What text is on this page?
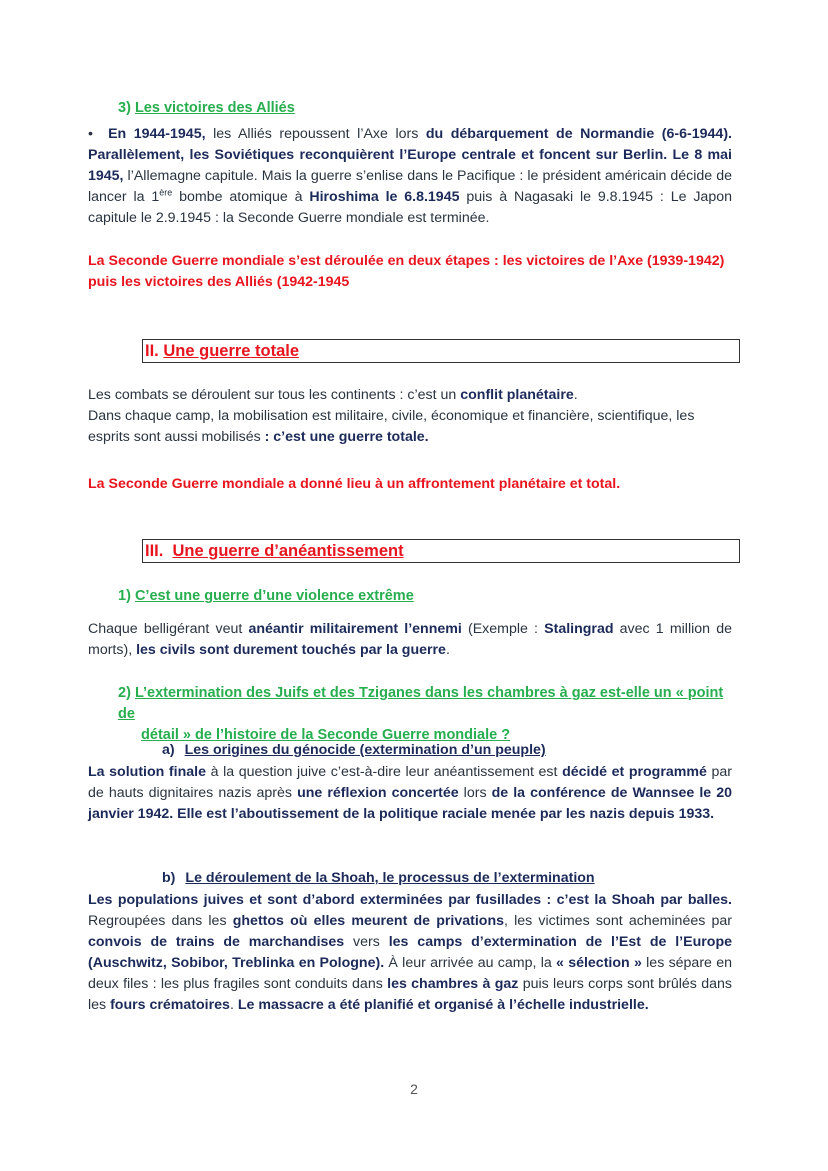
3) Les victoires des Alliés
• En 1944-1945, les Alliés repoussent l’Axe lors du débarquement de Normandie (6-6-1944). Parallèlement, les Soviétiques reconquièrent l’Europe centrale et foncent sur Berlin. Le 8 mai 1945, l’Allemagne capitule. Mais la guerre s’enlise dans le Pacifique : le président américain décide de lancer la 1ère bombe atomique à Hiroshima le 6.8.1945 puis à Nagasaki le 9.8.1945 : Le Japon capitule le 2.9.1945 : la Seconde Guerre mondiale est terminée.
La Seconde Guerre mondiale s’est déroulée en deux étapes : les victoires de l’Axe (1939-1942) puis les victoires des Alliés (1942-1945
II. Une guerre totale
Les combats se déroulent sur tous les continents : c’est un conflit planétaire.
Dans chaque camp, la mobilisation est militaire, civile, économique et financière, scientifique, les esprits sont aussi mobilisés : c’est une guerre totale.
La Seconde Guerre mondiale a donné lieu à un affrontement planétaire et total.
III. Une guerre d’anéantissement
1) C’est une guerre d’une violence extrême
Chaque belligérant veut anéantir militairement l’ennemi (Exemple : Stalingrad avec 1 million de morts), les civils sont durement touchés par la guerre.
2) L’extermination des Juifs et des Tziganes dans les chambres à gaz est-elle un « point de
détail » de l’histoire de la Seconde Guerre mondiale ?
a) Les origines du génocide (extermination d’un peuple)
La solution finale à la question juive c’est-à-dire leur anéantissement est décidé et programmé par de hauts dignitaires nazis après une réflexion concertée lors de la conférence de Wannsee le 20 janvier 1942. Elle est l’aboutissement de la politique raciale menée par les nazis depuis 1933.
b) Le déroulement de la Shoah, le processus de l’extermination
Les populations juives et sont d’abord exterminées par fusillades : c’est la Shoah par balles. Regroupées dans les ghettos où elles meurent de privations, les victimes sont acheminées par convois de trains de marchandises vers les camps d’extermination de l’Est de l’Europe (Auschwitz, Sobibor, Treblinka en Pologne). À leur arrivée au camp, la « sélection » les sépare en deux files : les plus fragiles sont conduits dans les chambres à gaz puis leurs corps sont brûlés dans les fours crématoires. Le massacre a été planifié et organisé à l’échelle industrielle.
2
